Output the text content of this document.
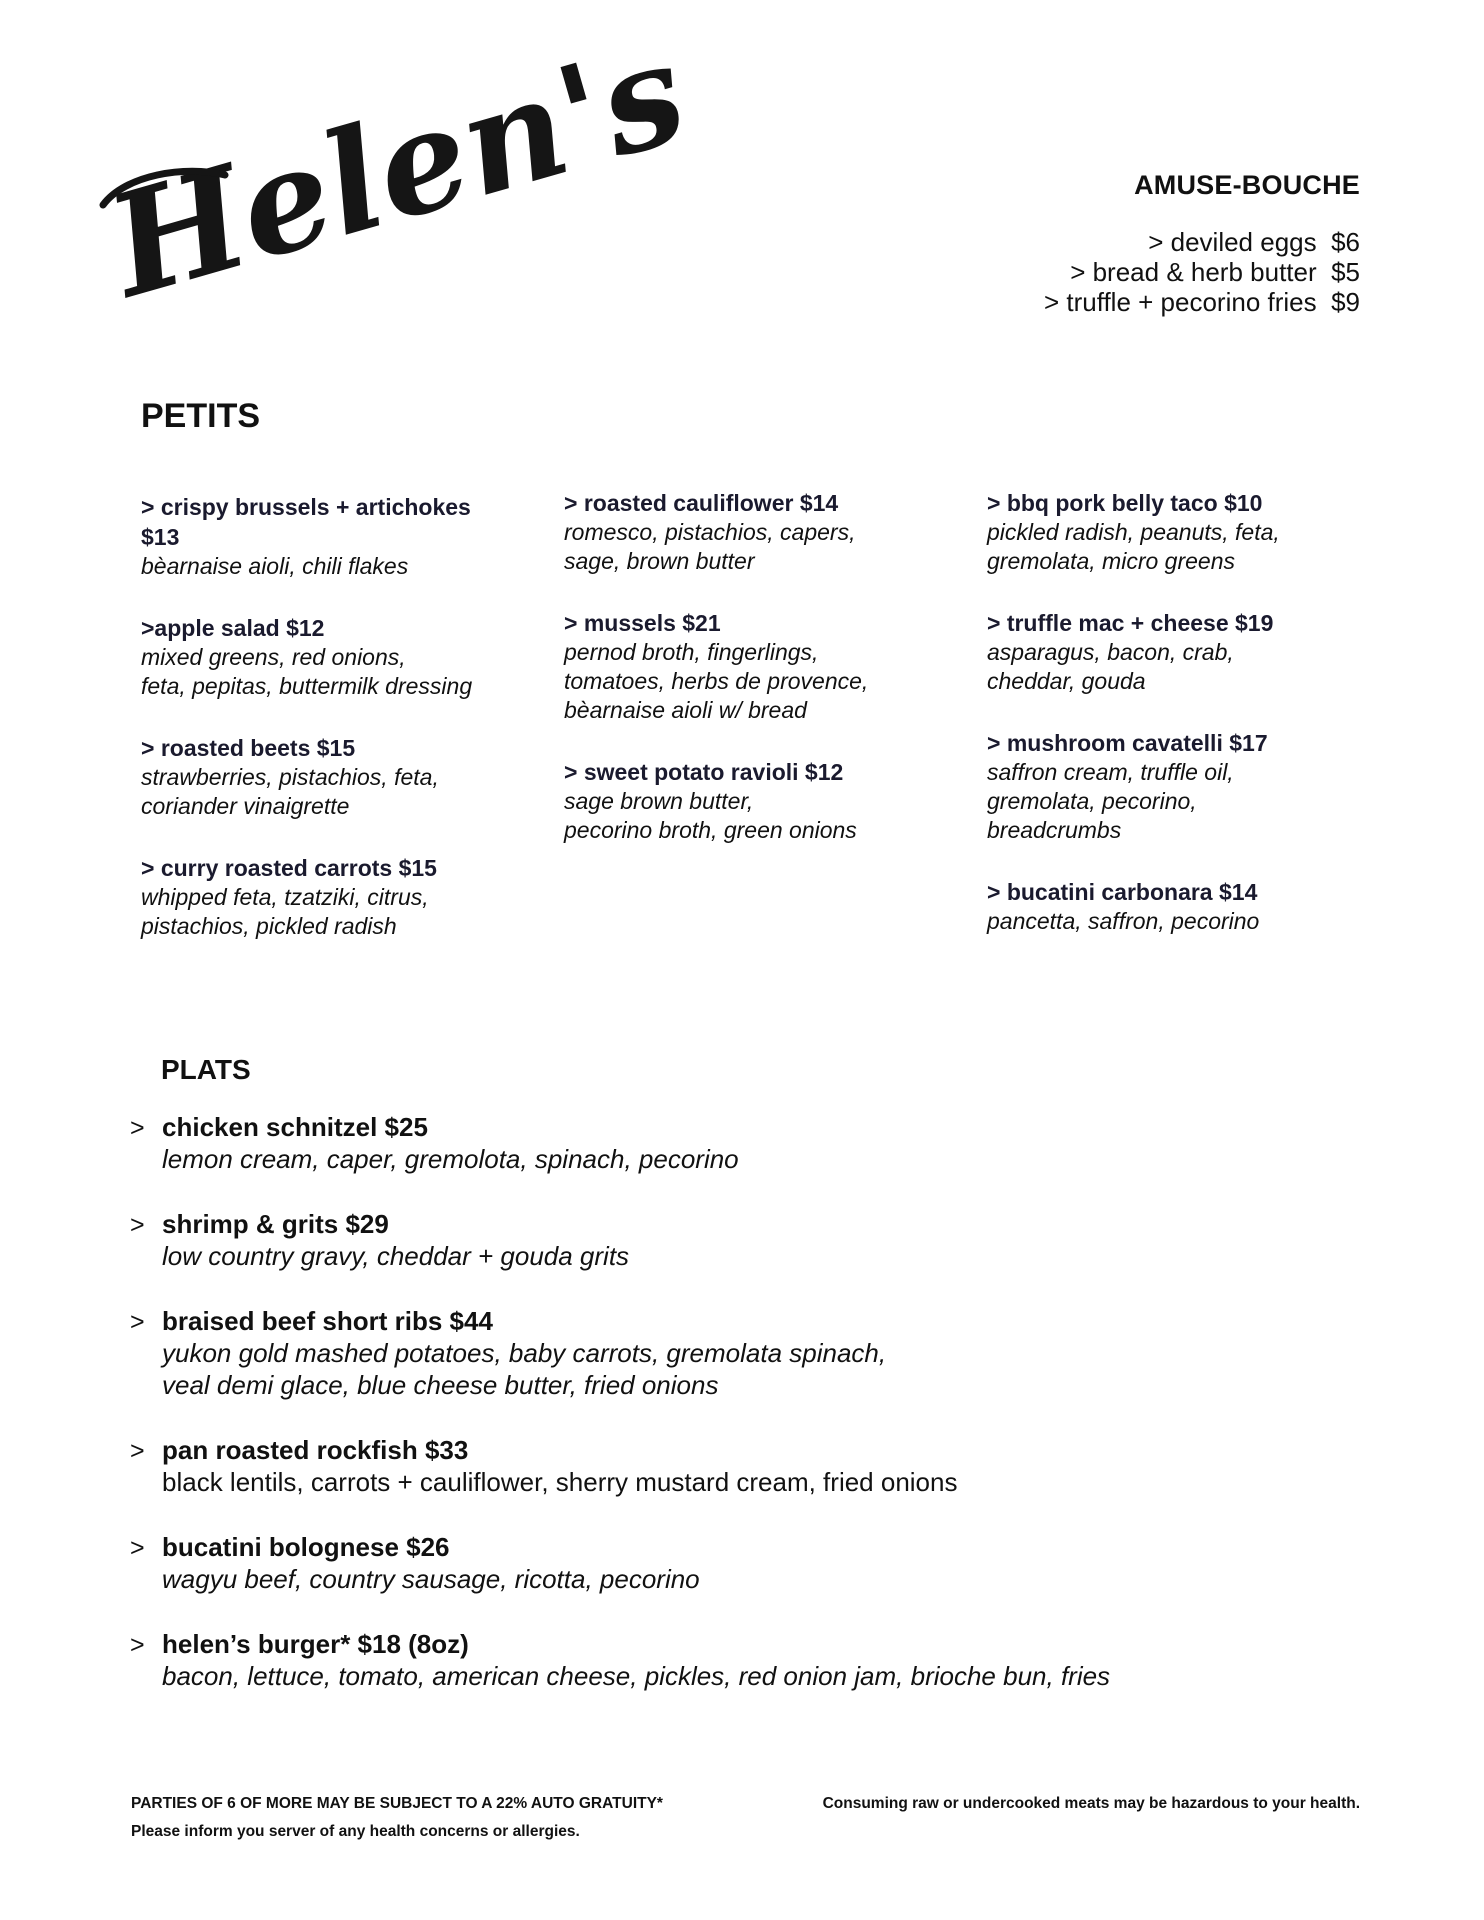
Helen's	AMUSE-BOUCHE
> deviled eggs  $6
> bread & herb butter  $5
> truffle + pecorino fries  $9
PETITS
> crispy brussels + artichokes $13
bèarnaise aioli, chili flakes
>apple salad $12
mixed greens, red onions,
feta, pepitas, buttermilk dressing
> roasted beets $15
strawberries, pistachios, feta,
coriander vinaigrette
> curry roasted carrots $15
whipped feta, tzatziki, citrus,
pistachios, pickled radish
> roasted cauliflower $14
romesco, pistachios, capers,
sage, brown butter
> mussels $21
pernod broth, fingerlings,
tomatoes, herbs de provence,
bèarnaise aioli w/ bread
> sweet potato ravioli $12
sage brown butter,
pecorino broth, green onions
> bbq pork belly taco $10
pickled radish, peanuts, feta,
gremolata, micro greens
> truffle mac + cheese $19
asparagus, bacon, crab,
cheddar, gouda
> mushroom cavatelli $17
saffron cream, truffle oil,
gremolata, pecorino,
breadcrumbs
> bucatini carbonara $14
pancetta, saffron, pecorino
PLATS
> chicken schnitzel $25
lemon cream, caper, gremolota, spinach, pecorino
> shrimp & grits $29
low country gravy, cheddar + gouda grits
> braised beef short ribs $44
yukon gold mashed potatoes, baby carrots, gremolata spinach,
veal demi glace, blue cheese butter, fried onions
> pan roasted rockfish $33
black lentils, carrots + cauliflower, sherry mustard cream, fried onions
> bucatini bolognese $26
wagyu beef, country sausage, ricotta, pecorino
> helen’s burger* $18 (8oz)
bacon, lettuce, tomato, american cheese, pickles, red onion jam, brioche bun, fries
PARTIES OF 6 OF MORE MAY BE SUBJECT TO A 22% AUTO GRATUITY*
Please inform you server of any health concerns or allergies.
Consuming raw or undercooked meats may be hazardous to your health.
